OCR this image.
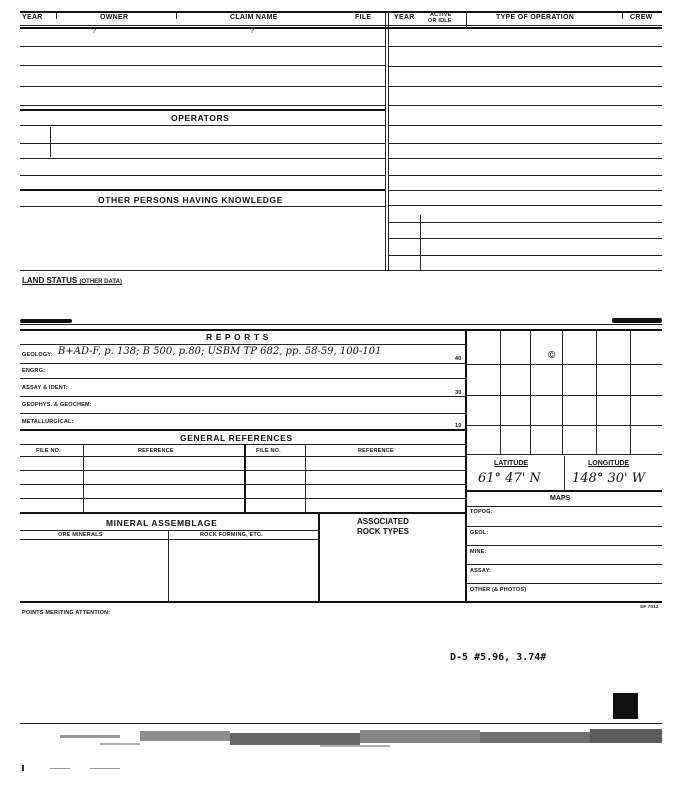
YEAR	OWNER	CLAIM NAME	FILE	YEAR	ACTIVE
OR IDLE	TYPE OF OPERATION	CREW
?	?
OPERATORS
OTHER PERSONS HAVING KNOWLEDGE
LAND STATUS (OTHER DATA)
R E P O R T S
GEOLOGY: B+AD-F, p. 138; B 500, p.80; USBM TP 682, pp. 58-59, 100-101
ENGRG:
ASSAY & IDENT:
GEOPHYS. & GEOCHEM:
METALLURGICAL:
40
30
10
©
LATITUDE	LONGITUDE
61° 47' N 148° 30' W
MAPS
TOPOG:
GEOL:
MINE:
ASSAY:
OTHER (& PHOTOS)
GENERAL REFERENCES
FILE NO.	REFERENCE	FILE NO.	REFERENCE
MINERAL ASSEMBLAGE
ORE MINERALS	ROCK FORMING, ETC.
ASSOCIATED
ROCK TYPES
POINTS MERITING ATTENTION:
SP 7012
D-5 #5.96, 3.74#
